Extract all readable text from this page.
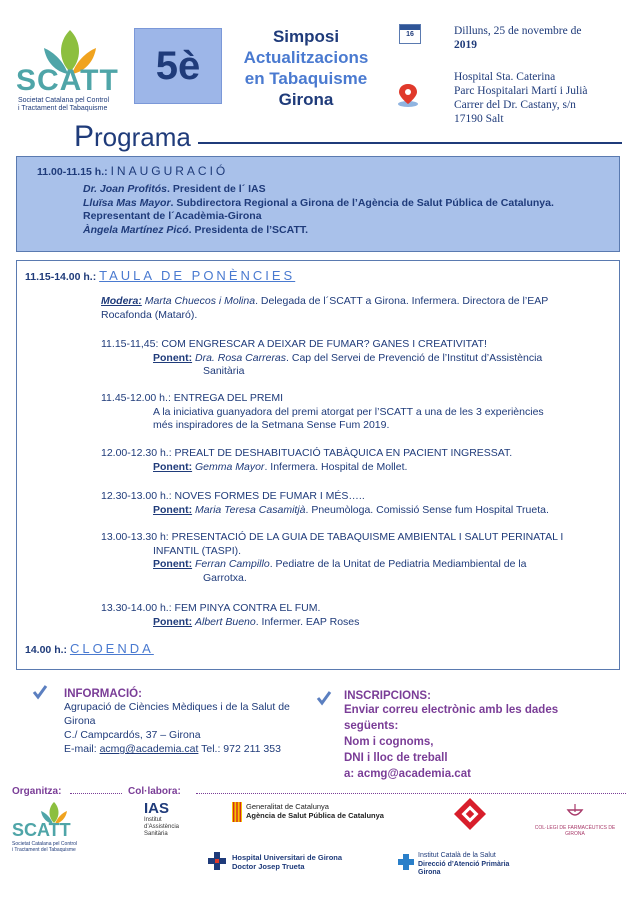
SCATT
Societat Catalana pel Control
i Tractament del Tabaquisme
5è
Simposi
Actualitzacions
en Tabaquisme
Girona
16	Dilluns, 25 de novembre de
2019
Hospital Sta. Caterina
Parc Hospitalari Martí i Julià
Carrer del Dr. Castany, s/n
17190 Salt
Programa
11.00-11.15 h.: INAUGURACIÓ
Dr. Joan Profitós. President de l´ IAS
Lluïsa Mas Mayor. Subdirectora Regional a Girona de l’Agència de Salut Pública de Catalunya.
Representant de l´Acadèmia-Girona
Àngela Martínez Picó. Presidenta de l’SCATT.
11.15-14.00 h.: TAULA DE PONÈNCIES
Modera: Marta Chuecos i Molina. Delegada de l´SCATT a Girona. Infermera. Directora de l’EAP
Rocafonda (Mataró).
11.15-11,45: COM ENGRESCAR A DEIXAR DE FUMAR? GANES I CREATIVITAT!
Ponent: Dra. Rosa Carreras. Cap del Servei de Prevenció de l’Institut d’Assistència
Sanitària
11.45-12.00 h.: ENTREGA DEL PREMI
A la iniciativa guanyadora del premi atorgat per l’SCATT a una de les 3 experiències
més inspiradores de la Setmana Sense Fum 2019.
12.00-12.30 h.: PREALT DE DESHABITUACIÓ TABÀQUICA EN PACIENT INGRESSAT.
Ponent: Gemma Mayor. Infermera. Hospital de Mollet.
12.30-13.00 h.: NOVES FORMES DE FUMAR I MÉS…..
Ponent: Maria Teresa Casamitjà. Pneumòloga. Comissió Sense fum Hospital Trueta.
13.00-13.30 h: PRESENTACIÓ DE LA GUIA DE TABAQUISME AMBIENTAL I SALUT PERINATAL I
INFANTIL (TASPI).
Ponent: Ferran Campillo. Pediatre de la Unitat de Pediatria Mediambiental de la
Garrotxa.
13.30-14.00 h.: FEM PINYA CONTRA EL FUM.
Ponent: Albert Bueno. Infermer. EAP Roses
14.00 h.: CLOENDA
INFORMACIÓ:
Agrupació de Ciències Mèdiques i de la Salut de
Girona
C./ Campcardós, 37 – Girona
E-mail: acmg@academia.cat Tel.: 972 211 353
INSCRIPCIONS:
Enviar correu electrònic amb les dades
següents:
Nom i cognoms,
DNI i lloc de treball
a: acmg@academia.cat
Organitza:	Col·labora:
SCATT
Societat Catalana pel Control
i Tractament del Tabaquisme
IAS
Institut
d’Assistència
Sanitària
Generalitat de Catalunya
Agència de Salut Pública de Catalunya
COL·LEGI DE FARMACÈUTICS DE GIRONA
Hospital Universitari de Girona
Doctor Josep Trueta
Institut Català de la Salut
Direcció d’Atenció Primària
Girona
